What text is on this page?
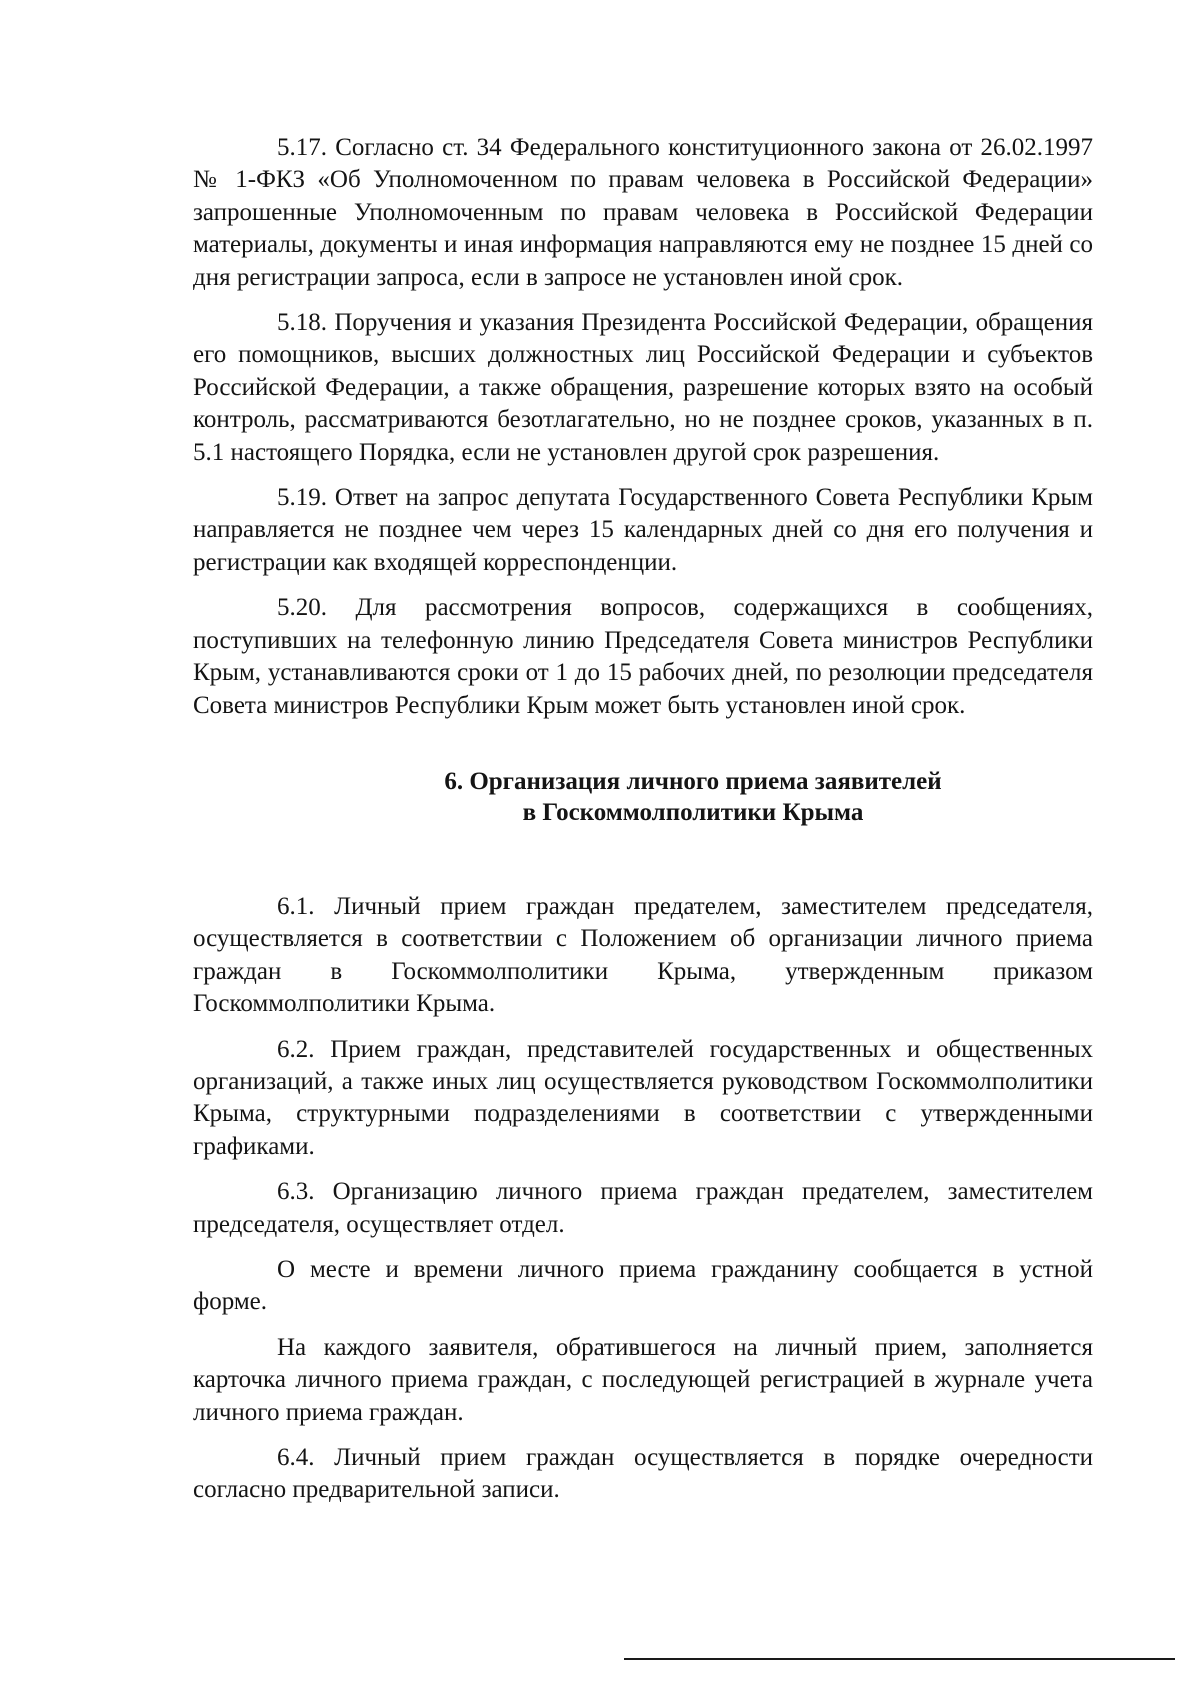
5.17. Согласно ст. 34 Федерального конституционного закона от 26.02.1997 № 1-ФКЗ «Об Уполномоченном по правам человека в Российской Федерации» запрошенные Уполномоченным по правам человека в Российской Федерации материалы, документы и иная информация направляются ему не позднее 15 дней со дня регистрации запроса, если в запросе не установлен иной срок.

5.18. Поручения и указания Президента Российской Федерации, обращения его помощников, высших должностных лиц Российской Федерации и субъектов Российской Федерации, а также обращения, разрешение которых взято на особый контроль, рассматриваются безотлагательно, но не позднее сроков, указанных в п. 5.1 настоящего Порядка, если не установлен другой срок разрешения.

5.19. Ответ на запрос депутата Государственного Совета Республики Крым направляется не позднее чем через 15 календарных дней со дня его получения и регистрации как входящей корреспонденции.

5.20. Для рассмотрения вопросов, содержащихся в сообщениях, поступивших на телефонную линию Председателя Совета министров Республики Крым, устанавливаются сроки от 1 до 15 рабочих дней, по резолюции председателя Совета министров Республики Крым может быть установлен иной срок.

6. Организация личного приема заявителей
в Госкоммолполитики Крыма

6.1. Личный прием граждан предателем, заместителем председателя, осуществляется в соответствии с Положением об организации личного приема граждан в Госкоммолполитики Крыма, утвержденным приказом Госкоммолполитики Крыма.

6.2. Прием граждан, представителей государственных и общественных организаций, а также иных лиц осуществляется руководством Госкоммолполитики Крыма, структурными подразделениями в соответствии с утвержденными графиками.

6.3. Организацию личного приема граждан предателем, заместителем председателя, осуществляет отдел.

О месте и времени личного приема гражданину сообщается в устной форме.

На каждого заявителя, обратившегося на личный прием, заполняется карточка личного приема граждан, с последующей регистрацией в журнале учета личного приема граждан.

6.4. Личный прием граждан осуществляется в порядке очередности согласно предварительной записи.
